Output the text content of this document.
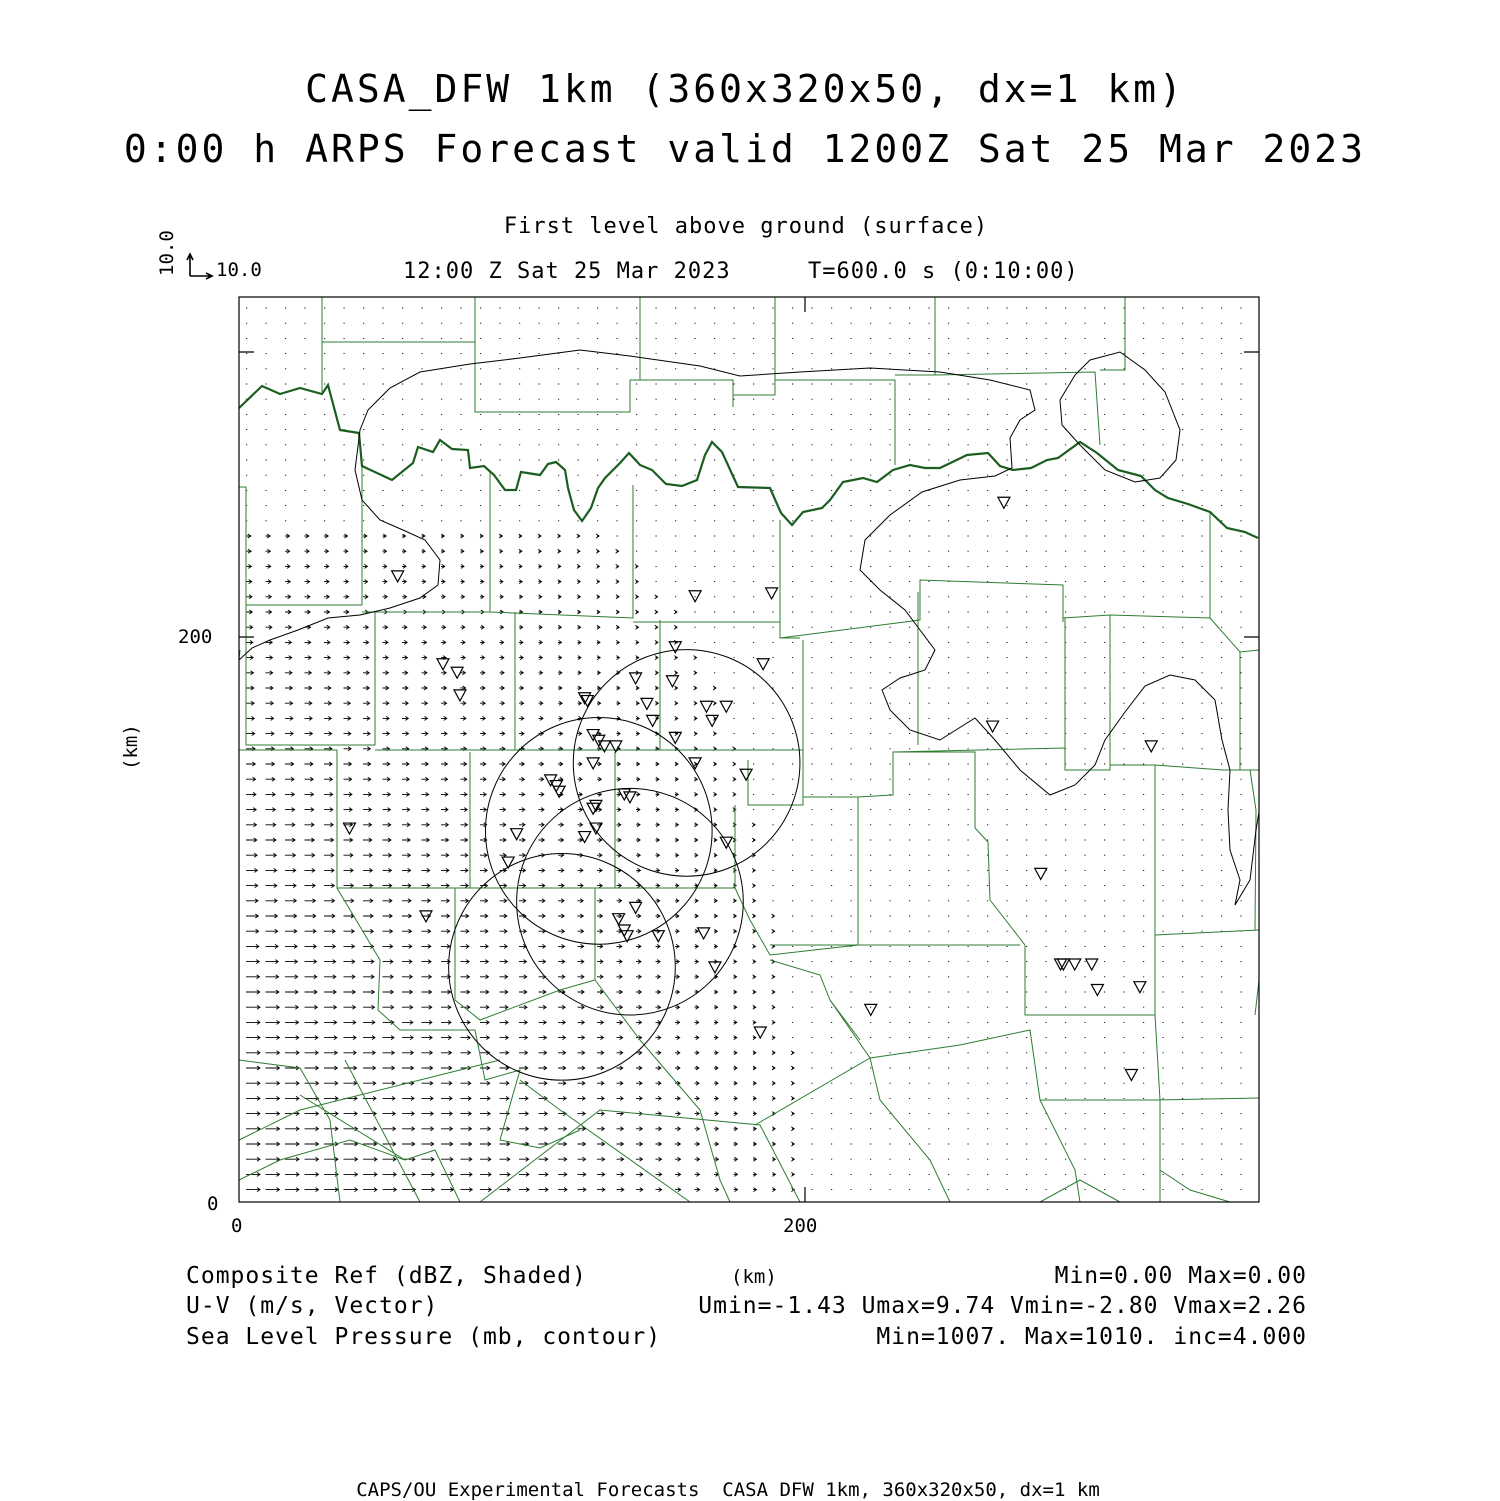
CASA_DFW 1km (360x320x50, dx=1 km)
0:00 h ARPS Forecast valid 1200Z Sat 25 Mar 2023
First level above ground (surface)
12:00 Z Sat 25 Mar 2023	T=600.0 s (0:10:00)
10.0 10.0
0	200
0
200
(km)
(km)
Composite Ref (dBZ, Shaded)	Min=0.00 Max=0.00
U-V (m/s, Vector)	Umin=-1.43 Umax=9.74 Vmin=-2.80 Vmax=2.26
Sea Level Pressure (mb, contour)	Min=1007. Max=1010. inc=4.000
CAPS/OU Experimental Forecasts  CASA DFW 1km, 360x320x50, dx=1 km
